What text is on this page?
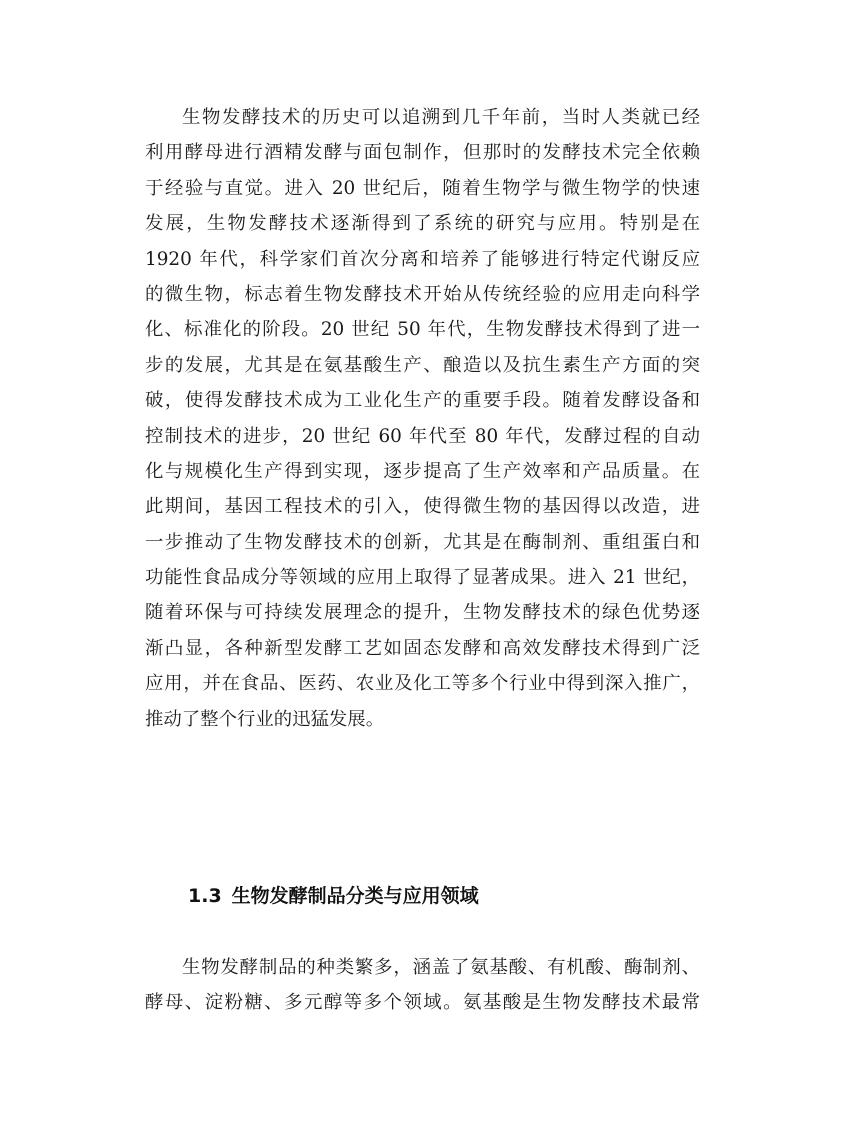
生物发酵技术的历史可以追溯到几千年前，当时人类就已经
利用酵母进行酒精发酵与面包制作，但那时的发酵技术完全依赖
于经验与直觉。进入 20 世纪后，随着生物学与微生物学的快速
发展，生物发酵技术逐渐得到了系统的研究与应用。特别是在
1920 年代，科学家们首次分离和培养了能够进行特定代谢反应
的微生物，标志着生物发酵技术开始从传统经验的应用走向科学
化、标准化的阶段。20 世纪 50 年代，生物发酵技术得到了进一
步的发展，尤其是在氨基酸生产、酿造以及抗生素生产方面的突
破，使得发酵技术成为工业化生产的重要手段。随着发酵设备和
控制技术的进步，20 世纪 60 年代至 80 年代，发酵过程的自动
化与规模化生产得到实现，逐步提高了生产效率和产品质量。在
此期间，基因工程技术的引入，使得微生物的基因得以改造，进
一步推动了生物发酵技术的创新，尤其是在酶制剂、重组蛋白和
功能性食品成分等领域的应用上取得了显著成果。进入 21 世纪，
随着环保与可持续发展理念的提升，生物发酵技术的绿色优势逐
渐凸显，各种新型发酵工艺如固态发酵和高效发酵技术得到广泛
应用，并在食品、医药、农业及化工等多个行业中得到深入推广，
推动了整个行业的迅猛发展。
1.3 生物发酵制品分类与应用领域
生物发酵制品的种类繁多，涵盖了氨基酸、有机酸、酶制剂、
酵母、淀粉糖、多元醇等多个领域。氨基酸是生物发酵技术最常
